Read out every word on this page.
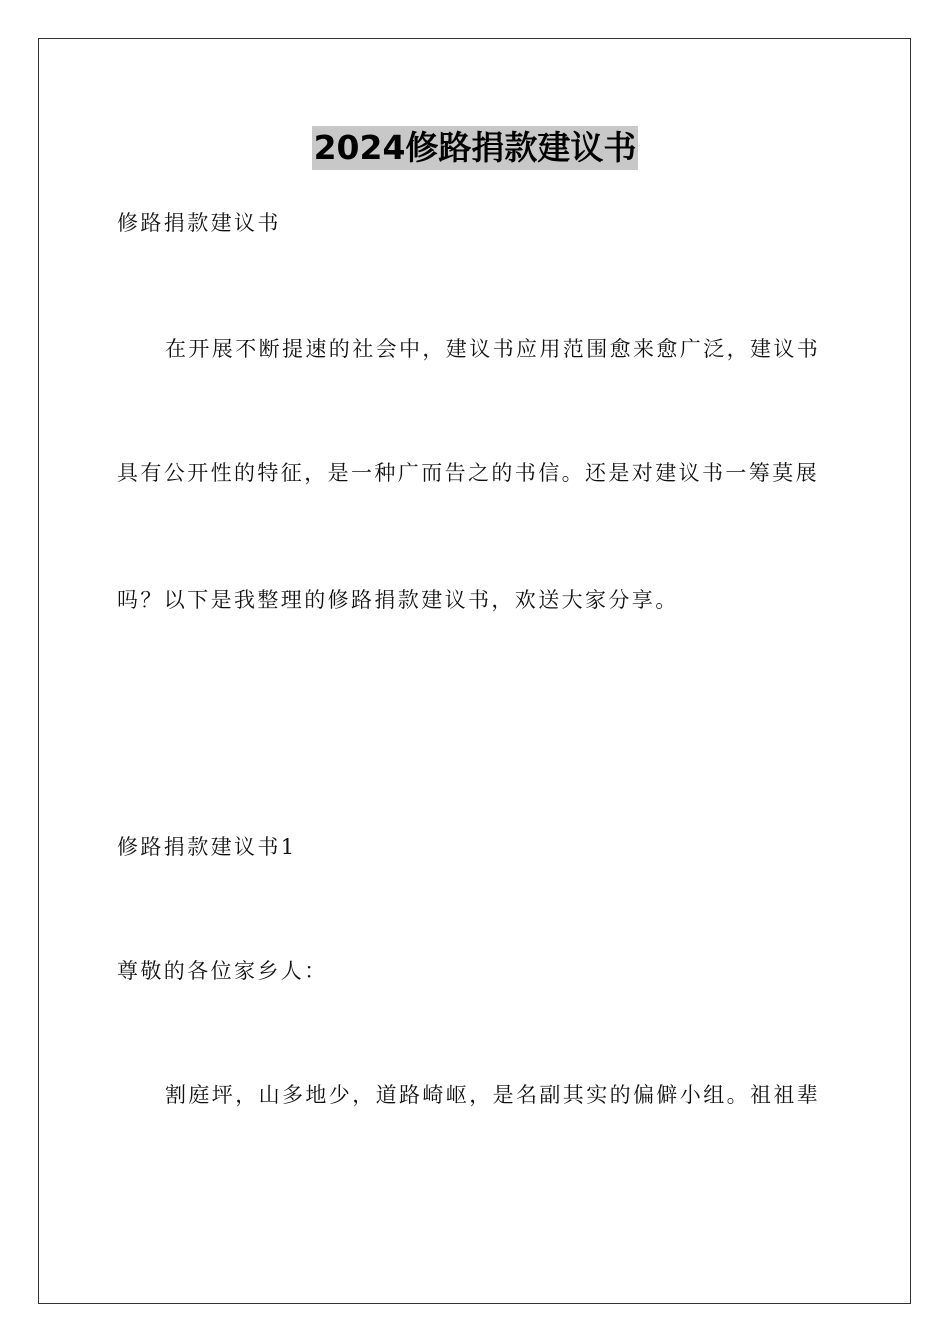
2024修路捐款建议书
修路捐款建议书
在开展不断提速的社会中，建议书应用范围愈来愈广泛，建议书
具有公开性的特征，是一种广而告之的书信。还是对建议书一筹莫展
吗？以下是我整理的修路捐款建议书，欢送大家分享。
修路捐款建议书1
尊敬的各位家乡人：
割庭坪，山多地少，道路崎岖，是名副其实的偏僻小组。祖祖辈
